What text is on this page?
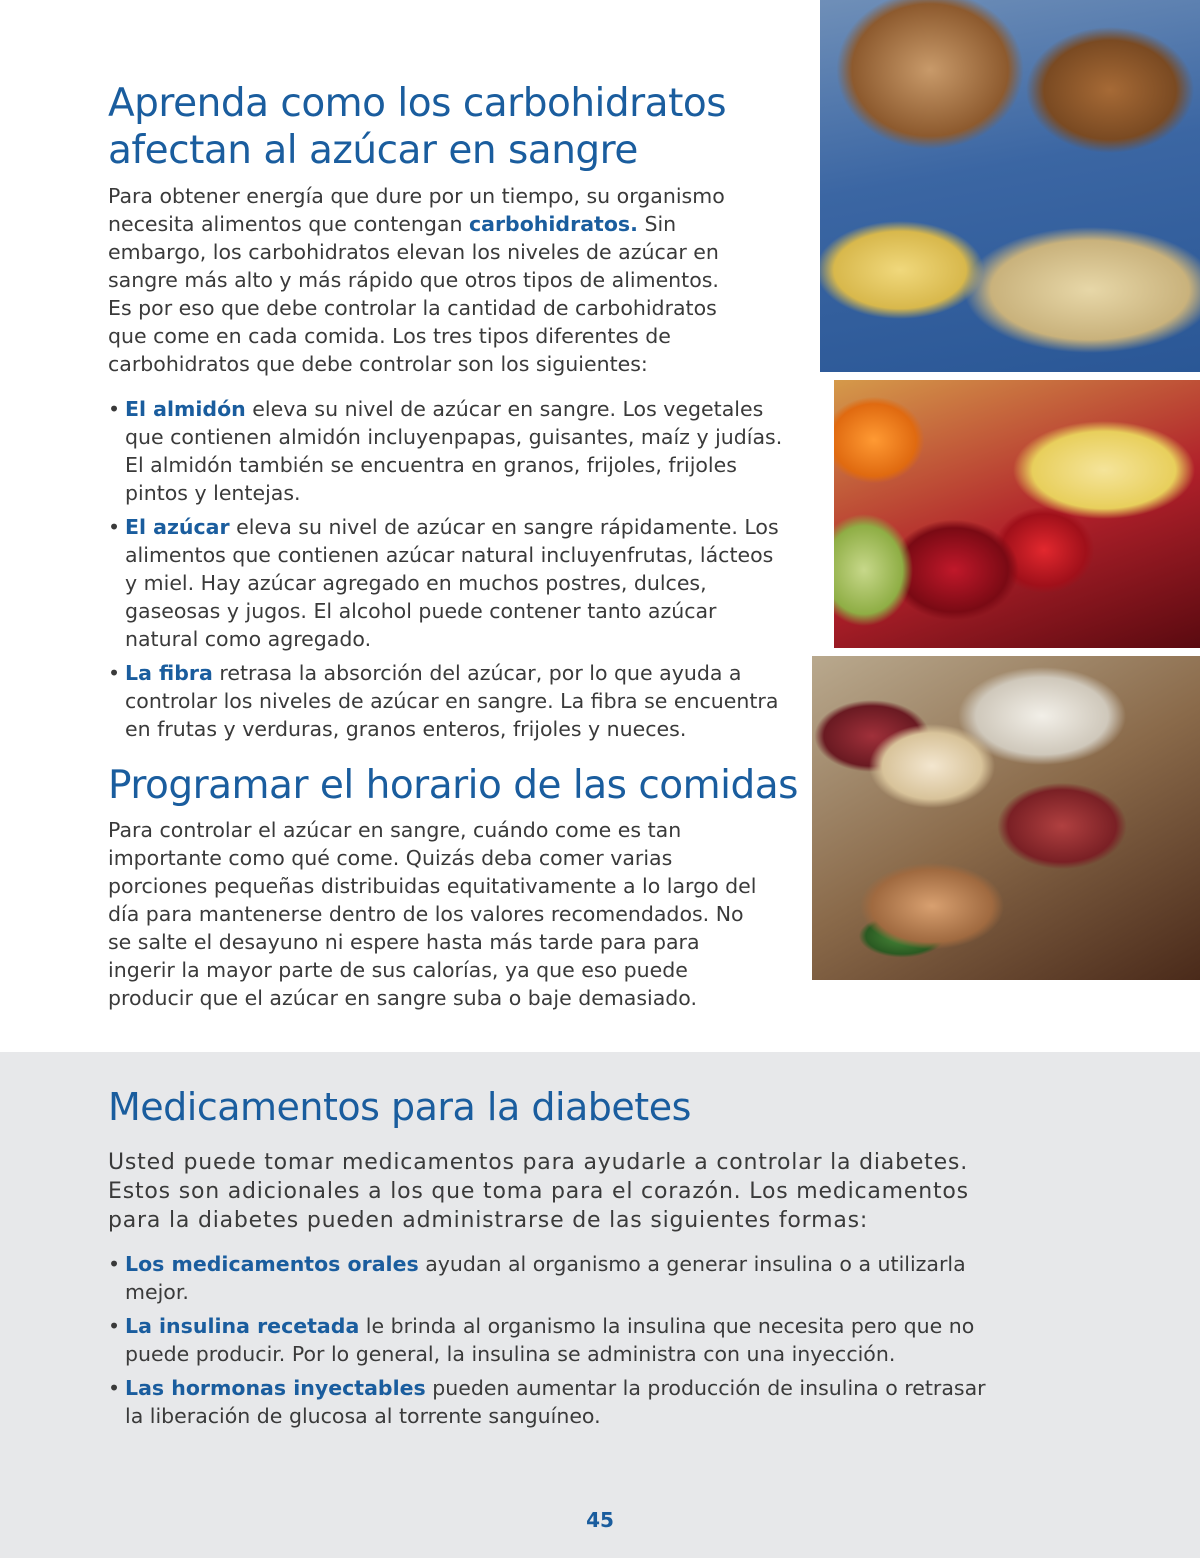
Aprenda como los carbohidratos
afectan al azúcar en sangre

Para obtener energía que dure por un tiempo, su organismo necesita alimentos que contengan carbohidratos. Sin embargo, los carbohidratos elevan los niveles de azúcar en sangre más alto y más rápido que otros tipos de alimentos. Es por eso que debe controlar la cantidad de carbohidratos que come en cada comida. Los tres tipos diferentes de carbohidratos que debe controlar son los siguientes:

• El almidón eleva su nivel de azúcar en sangre. Los vegetales que contienen almidón incluyenpapas, guisantes, maíz y judías. El almidón también se encuentra en granos, frijoles, frijoles pintos y lentejas.
• El azúcar eleva su nivel de azúcar en sangre rápidamente. Los alimentos que contienen azúcar natural incluyenfrutas, lácteos y miel. Hay azúcar agregado en muchos postres, dulces, gaseosas y jugos. El alcohol puede contener tanto azúcar natural como agregado.
• La fibra retrasa la absorción del azúcar, por lo que ayuda a controlar los niveles de azúcar en sangre. La fibra se encuentra en frutas y verduras, granos enteros, frijoles y nueces.
Programar el horario de las comidas

Para controlar el azúcar en sangre, cuándo come es tan importante como qué come. Quizás deba comer varias porciones pequeñas distribuidas equitativamente a lo largo del día para mantenerse dentro de los valores recomendados. No se salte el desayuno ni espere hasta más tarde para para ingerir la mayor parte de sus calorías, ya que eso puede producir que el azúcar en sangre suba o baje demasiado.

Medicamentos para la diabetes

Usted puede tomar medicamentos para ayudarle a controlar la diabetes. Estos son adicionales a los que toma para el corazón. Los medicamentos para la diabetes pueden administrarse de las siguientes formas:

• Los medicamentos orales ayudan al organismo a generar insulina o a utilizarla mejor.
• La insulina recetada le brinda al organismo la insulina que necesita pero que no puede producir. Por lo general, la insulina se administra con una inyección.
• Las hormonas inyectables pueden aumentar la producción de insulina o retrasar la liberación de glucosa al torrente sanguíneo.
45
